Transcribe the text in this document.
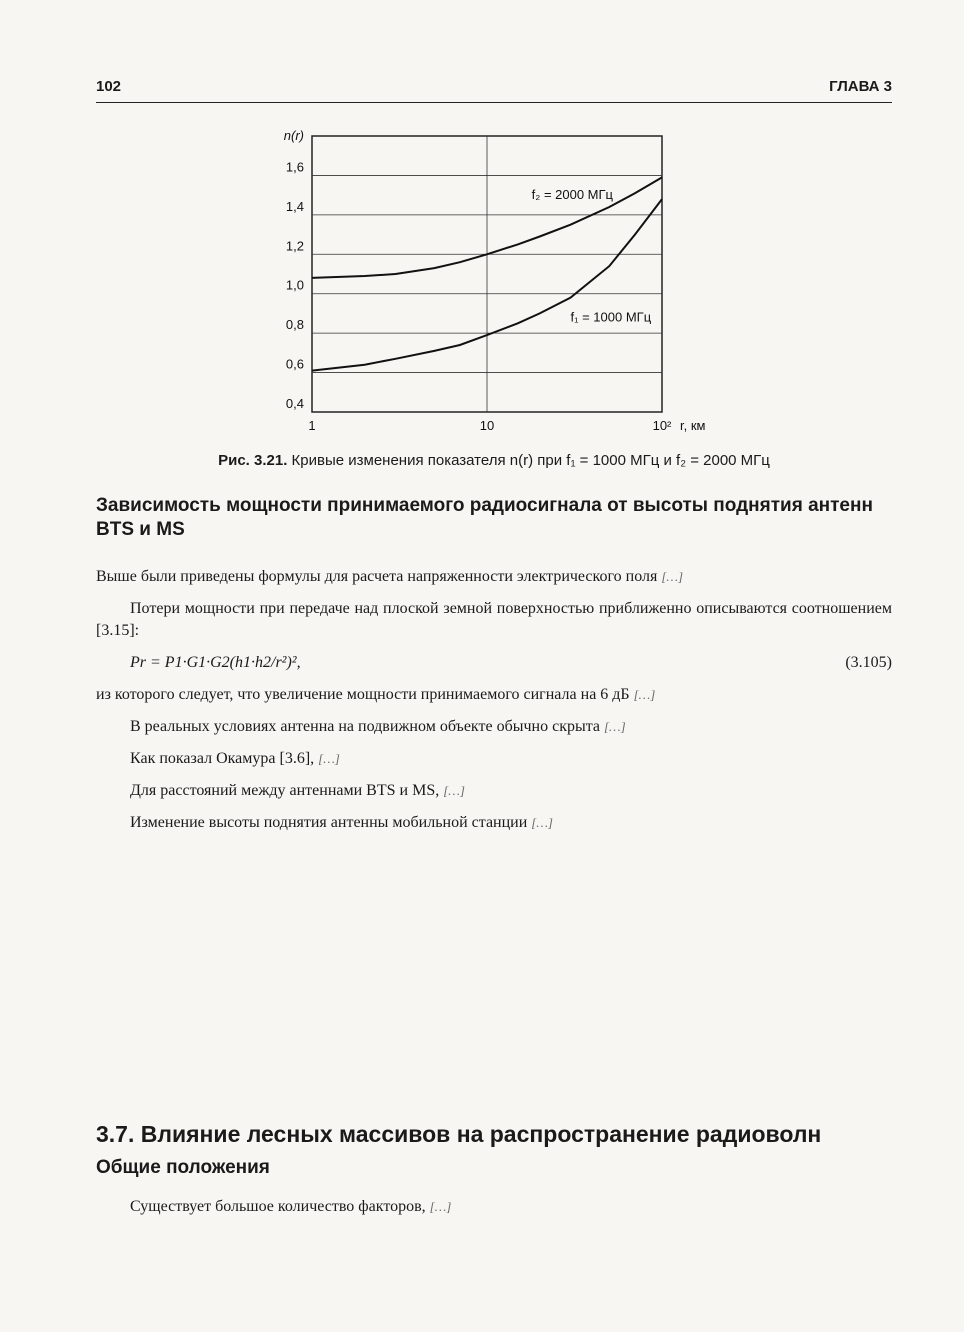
102	ГЛАВА 3
0,4
0,6
0,8
1,0
1,2
1,4
1,6
n(r)
1	10	10² r, км
f₂ = 2000 МГц
f₁ = 1000 МГц
Рис. 3.21. Кривые изменения показателя n(r) при f₁ = 1000 МГц и f₂ = 2000 МГц
Зависимость мощности принимаемого радиосигнала от высоты поднятия антенн BTS и MS

Выше были приведены формулы для расчета напряженности электрического поля […]

Потери мощности при передаче над плоской земной поверхностью приближенно описываются соотношением [3.15]:

Pr = P1·G1·G2(h1·h2/r²)²,	(3.105)

из которого следует, что увеличение мощности принимаемого сигнала на 6 дБ […]

В реальных условиях антенна на подвижном объекте обычно скрыта […]

Как показал Окамура [3.6], […]

Для расстояний между антеннами BTS и MS, […]

Изменение высоты поднятия антенны мобильной станции […]

3.7. Влияние лесных массивов на распространение радиоволн
Общие положения

Существует большое количество факторов, […]
